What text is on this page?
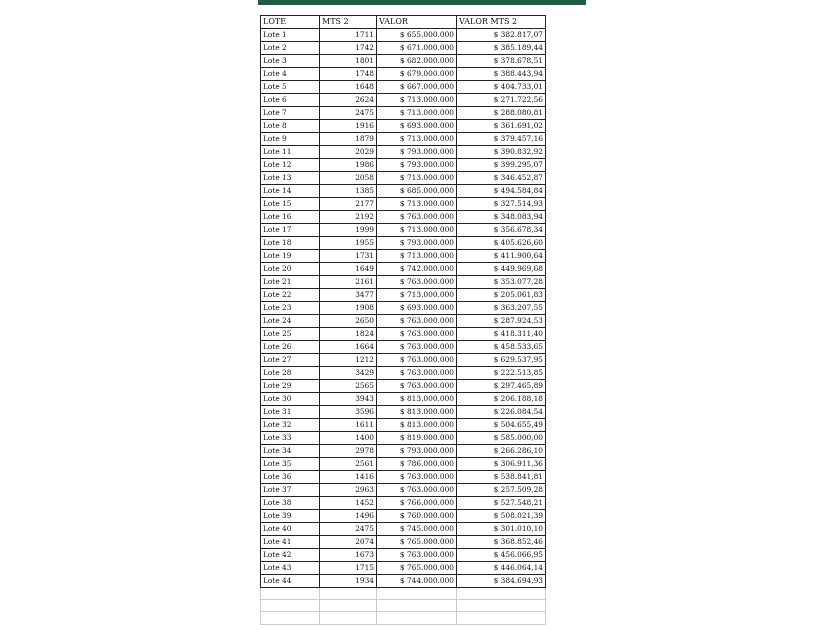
LOTE	MTS 2	VALOR	VALOR MTS 2
Lote 1	1711	$ 655.000.000	$ 382.817,07
Lote 2	1742	$ 671.000.000	$ 385.189,44
Lote 3	1801	$ 682.000.000	$ 378.678,51
Lote 4	1748	$ 679.000.000	$ 388.443,94
Lote 5	1648	$ 667.000.000	$ 404.733,01
Lote 6	2624	$ 713.000.000	$ 271.722,56
Lote 7	2475	$ 713.000.000	$ 288.080,81
Lote 8	1916	$ 693.000.000	$ 361.691,02
Lote 9	1879	$ 713.000.000	$ 379.457,16
Lote 11	2029	$ 793.000.000	$ 390.832,92
Lote 12	1986	$ 793.000.000	$ 399.295,07
Lote 13	2058	$ 713.000.000	$ 346.452,87
Lote 14	1385	$ 685.000.000	$ 494.584,84
Lote 15	2177	$ 713.000.000	$ 327.514,93
Lote 16	2192	$ 763.000.000	$ 348.083,94
Lote 17	1999	$ 713.000.000	$ 356.678,34
Lote 18	1955	$ 793.000.000	$ 405.626,60
Lote 19	1731	$ 713.000.000	$ 411.900,64
Lote 20	1649	$ 742.000.000	$ 449.969,68
Lote 21	2161	$ 763.000.000	$ 353.077,28
Lote 22	3477	$ 713.000.000	$ 205.061,83
Lote 23	1908	$ 693.000.000	$ 363.207,55
Lote 24	2650	$ 763.000.000	$ 287.924,53
Lote 25	1824	$ 763.000.000	$ 418.311,40
Lote 26	1664	$ 763.000.000	$ 458.533,65
Lote 27	1212	$ 763.000.000	$ 629.537,95
Lote 28	3429	$ 763.000.000	$ 222.513,85
Lote 29	2565	$ 763.000.000	$ 297.465,89
Lote 30	3943	$ 813.000.000	$ 206.188,18
Lote 31	3596	$ 813.000.000	$ 226.084,54
Lote 32	1611	$ 813.000.000	$ 504.655,49
Lote 33	1400	$ 819.000.000	$ 585.000,00
Lote 34	2978	$ 793.000.000	$ 266.286,10
Lote 35	2561	$ 786.000.000	$ 306.911,36
Lote 36	1416	$ 763.000.000	$ 538.841,81
Lote 37	2963	$ 763.000.000	$ 257.509,28
Lote 38	1452	$ 766.000.000	$ 527.548,21
Lote 39	1496	$ 760.000.000	$ 508.021,39
Lote 40	2475	$ 745.000.000	$ 301.010,10
Lote 41	2074	$ 765.000.000	$ 368.852,46
Lote 42	1673	$ 763.000.000	$ 456.066,95
Lote 43	1715	$ 765.000.000	$ 446.064,14
Lote 44	1934	$ 744.000.000	$ 384.694,93
